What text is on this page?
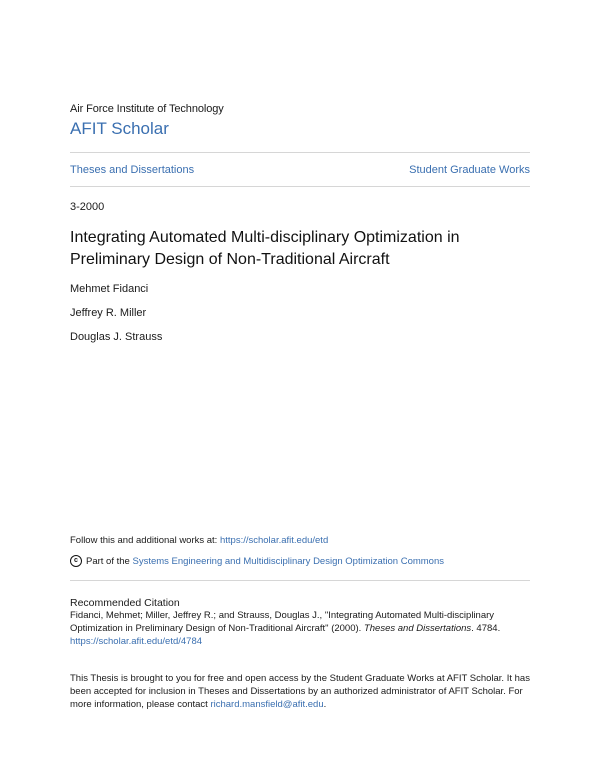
Air Force Institute of Technology
AFIT Scholar
Theses and Dissertations	Student Graduate Works
3-2000
Integrating Automated Multi-disciplinary Optimization in Preliminary Design of Non-Traditional Aircraft
Mehmet Fidanci
Jeffrey R. Miller
Douglas J. Strauss
Follow this and additional works at: https://scholar.afit.edu/etd
c Part of the
Systems Engineering and Multidisciplinary Design Optimization Commons
Recommended Citation
Fidanci, Mehmet; Miller, Jeffrey R.; and Strauss, Douglas J., "Integrating Automated Multi-disciplinary Optimization in Preliminary Design of Non-Traditional Aircraft" (2000). Theses and Dissertations. 4784.
https://scholar.afit.edu/etd/4784
This Thesis is brought to you for free and open access by the Student Graduate Works at AFIT Scholar. It has been accepted for inclusion in Theses and Dissertations by an authorized administrator of AFIT Scholar. For more information, please contact richard.mansfield@afit.edu.
